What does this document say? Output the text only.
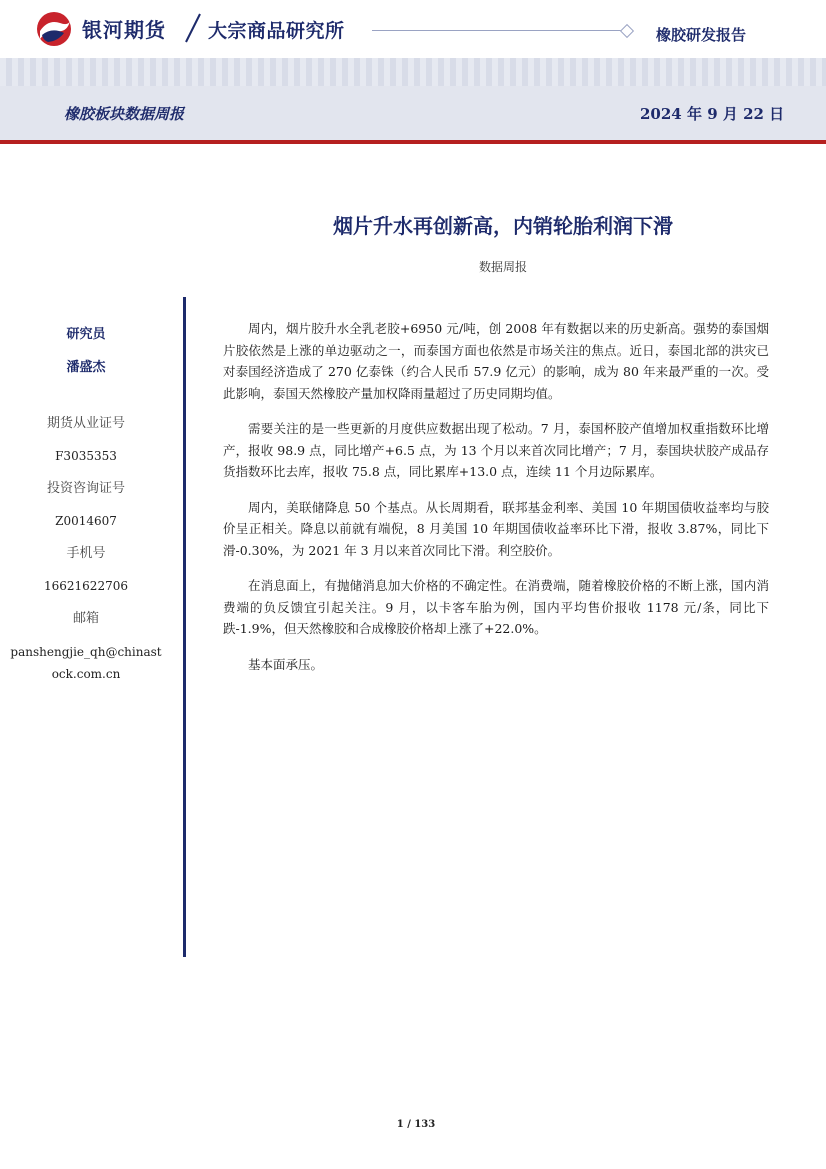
银河期货 大宗商品研究所	橡胶研发报告
橡胶板块数据周报	2024 年 9 月 22 日
烟片升水再创新高，内销轮胎利润下滑
数据周报
研究员
潘盛杰
期货从业证号
F3035353
投资咨询证号
Z0014607
手机号
16621622706
邮箱
panshengjie_qh@chinastock.com.cn

周内，烟片胶升水全乳老胶+6950 元/吨，创 2008 年有数据以来的历史新高。强势的泰国烟片胶依然是上涨的单边驱动之一，而泰国方面也依然是市场关注的焦点。近日，泰国北部的洪灾已对泰国经济造成了 270 亿泰铢（约合人民币 57.9 亿元）的影响，成为 80 年来最严重的一次。受此影响，泰国天然橡胶产量加权降雨量超过了历史同期均值。

需要关注的是一些更新的月度供应数据出现了松动。7 月，泰国杯胶产值增加权重指数环比增产，报收 98.9 点，同比增产+6.5 点，为 13 个月以来首次同比增产；7 月，泰国块状胶产成品存货指数环比去库，报收 75.8 点，同比累库+13.0 点，连续 11 个月边际累库。

周内，美联储降息 50 个基点。从长周期看，联邦基金利率、美国 10 年期国债收益率均与胶价呈正相关。降息以前就有端倪，8 月美国 10 年期国债收益率环比下滑，报收 3.87%，同比下滑-0.30%，为 2021 年 3 月以来首次同比下滑。利空胶价。

在消息面上，有抛储消息加大价格的不确定性。在消费端，随着橡胶价格的不断上涨，国内消费端的负反馈宜引起关注。9 月，以卡客车胎为例，国内平均售价报收 1178 元/条，同比下跌-1.9%，但天然橡胶和合成橡胶价格却上涨了+22.0%。

基本面承压。

1 / 133
